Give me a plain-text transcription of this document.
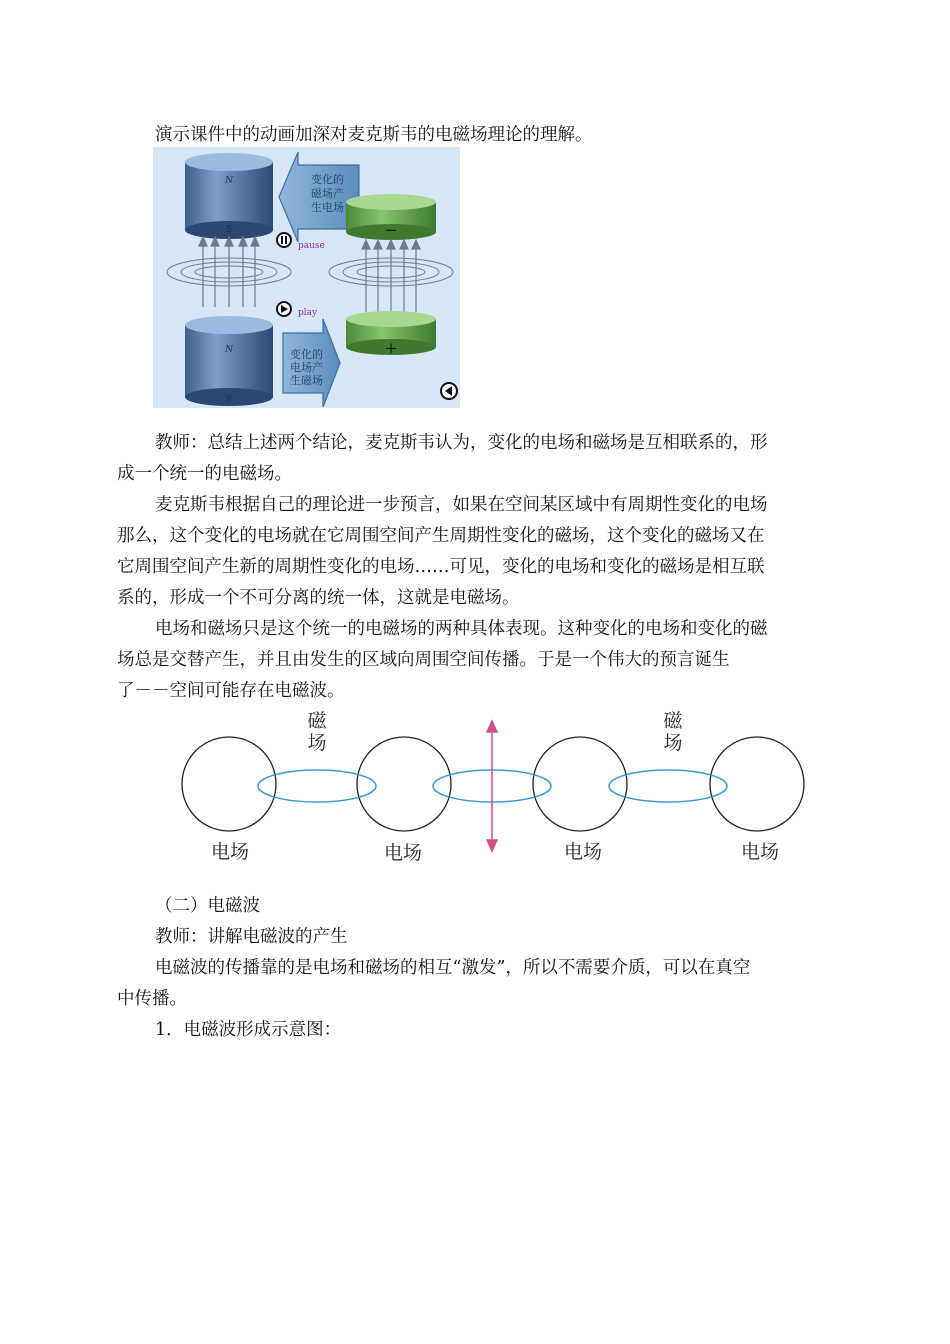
演示课件中的动画加深对麦克斯韦的电磁场理论的理解。
N
S
变化的
磁场产
生电场
N
S
变化的
电场产
生磁场
pause
play
−
+
教师：总结上述两个结论，麦克斯韦认为，变化的电场和磁场是互相联系的，形
成一个统一的电磁场。
麦克斯韦根据自己的理论进一步预言，如果在空间某区域中有周期性变化的电场
那么，这个变化的电场就在它周围空间产生周期性变化的磁场，这个变化的磁场又在
它周围空间产生新的周期性变化的电场……可见，变化的电场和变化的磁场是相互联
系的，形成一个不可分离的统一体，这就是电磁场。
电场和磁场只是这个统一的电磁场的两种具体表现。这种变化的电场和变化的磁
场总是交替产生，并且由发生的区域向周围空间传播。于是一个伟大的预言诞生
了－－空间可能存在电磁波。
磁
场
磁
场
电场	电场	电场	电场
（二）电磁波
教师：讲解电磁波的产生
电磁波的传播靠的是电场和磁场的相互“激发”，所以不需要介质，可以在真空
中传播。
1．电磁波形成示意图：
